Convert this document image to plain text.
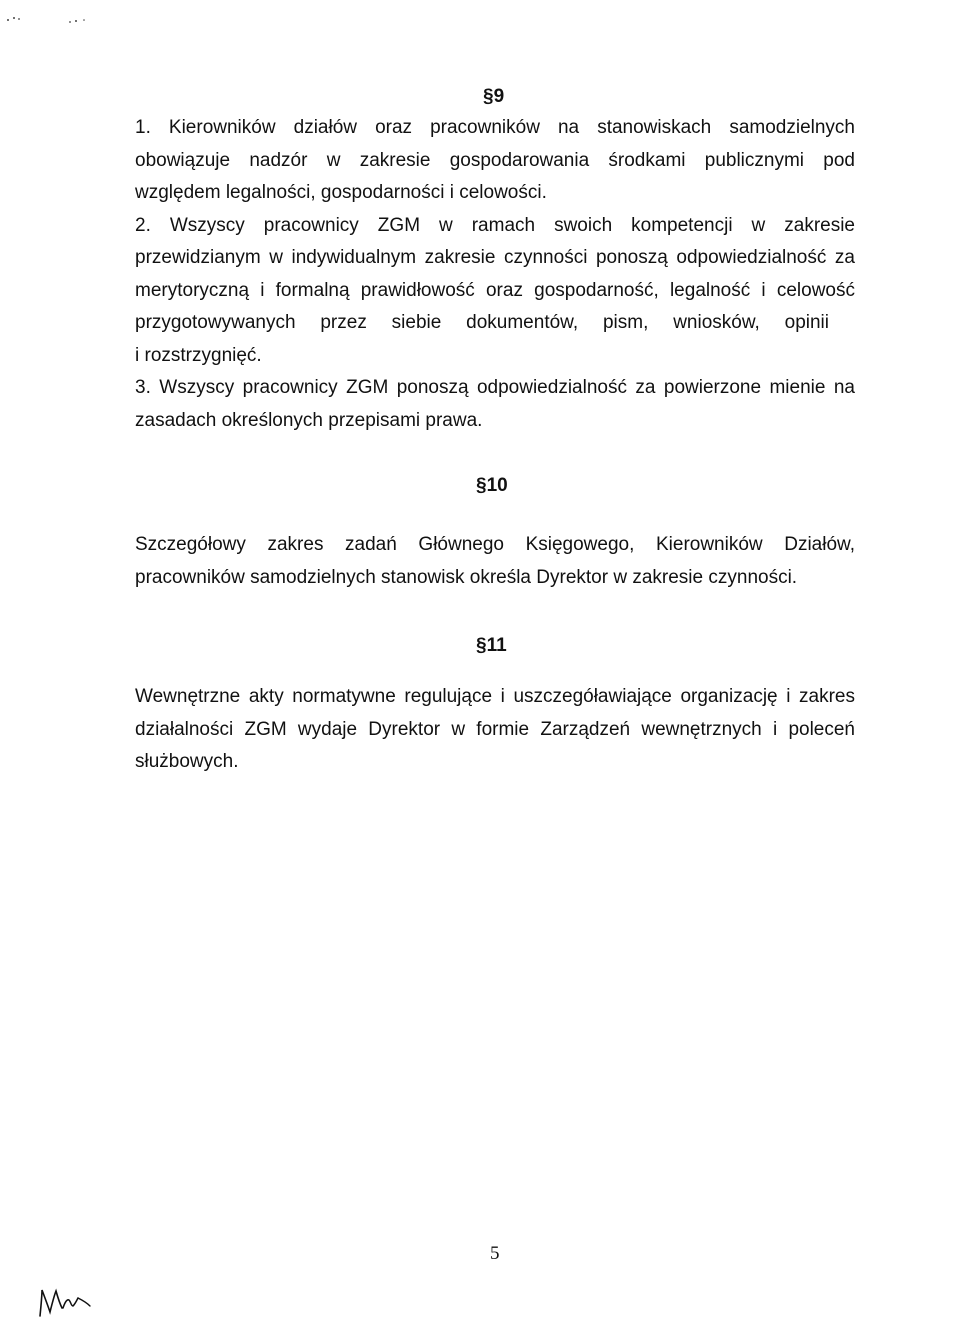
§9
1. Kierowników działów oraz pracowników na stanowiskach samodzielnych
obowiązuje nadzór w zakresie gospodarowania środkami publicznymi pod
względem legalności, gospodarności i celowości.
2. Wszyscy pracownicy ZGM w ramach swoich kompetencji w zakresie
przewidzianym w indywidualnym zakresie czynności ponoszą odpowiedzialność za
merytoryczną i formalną prawidłowość oraz gospodarność, legalność i celowość
przygotowywanych przez siebie dokumentów, pism, wniosków, opinii
i rozstrzygnięć.
3. Wszyscy pracownicy ZGM ponoszą odpowiedzialność za powierzone mienie na
zasadach określonych przepisami prawa.
§10
Szczegółowy zakres zadań Głównego Księgowego, Kierowników Działów,
pracowników samodzielnych stanowisk określa Dyrektor w zakresie czynności.
§11
Wewnętrzne akty normatywne regulujące i uszczegóławiające organizację i zakres
działalności ZGM wydaje Dyrektor w formie Zarządzeń wewnętrznych i poleceń
służbowych.
5
